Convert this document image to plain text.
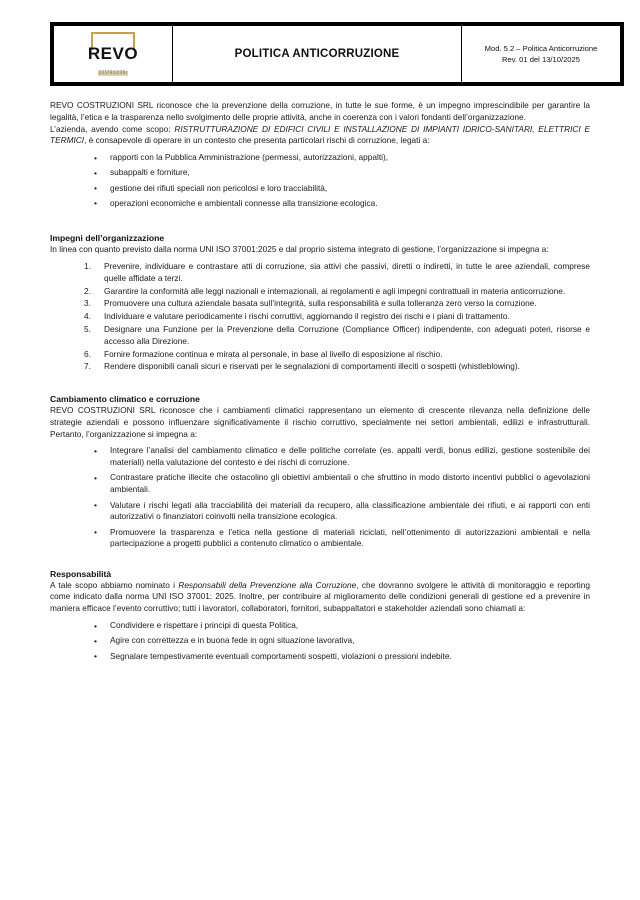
REVO
COSTRUZIONI	
POLITICA ANTICORRUZIONE	Mod. 5.2 – Politica Anticorruzione
Rev. 01 del 13/10/2025

REVO COSTRUZIONI SRL riconosce che la prevenzione della corruzione, in tutte le sue forme, è un impegno imprescindibile per garantire la legalità, l’etica e la trasparenza nello svolgimento delle proprie attività, anche in coerenza con i valori fondanti dell’organizzazione.

L’azienda, avendo come scopo: RISTRUTTURAZIONE DI EDIFICI CIVILI E INSTALLAZIONE DI IMPIANTI IDRICO-SANITARI, ELETTRICI E TERMICI, è consapevole di operare in un contesto che presenta particolari rischi di corruzione, legati a:

• rapporti con la Pubblica Amministrazione (permessi, autorizzazioni, appalti),
• subappalti e forniture,
• gestione dei rifiuti speciali non pericolosi e loro tracciabilità,
• operazioni economiche e ambientali connesse alla transizione ecologica.
Impegni dell’organizzazione

In linea con quanto previsto dalla norma UNI ISO 37001:2025 e dal proprio sistema integrato di gestione, l’organizzazione si impegna a:

Prevenire, individuare e contrastare atti di corruzione, sia attivi che passivi, diretti o indiretti, in tutte le aree aziendali, comprese quelle affidate a terzi.
Garantire la conformità alle leggi nazionali e internazionali, ai regolamenti e agli impegni contrattuali in materia anticorruzione.
Promuovere una cultura aziendale basata sull’integrità, sulla responsabilità e sulla tolleranza zero verso la corruzione.
Individuare e valutare periodicamente i rischi corruttivi, aggiornando il registro dei rischi e i piani di trattamento.
Designare una Funzione per la Prevenzione della Corruzione (Compliance Officer) indipendente, con adeguati poteri, risorse e accesso alla Direzione.
Fornire formazione continua e mirata al personale, in base al livello di esposizione al rischio.
Rendere disponibili canali sicuri e riservati per le segnalazioni di comportamenti illeciti o sospetti (whistleblowing).
Cambiamento climatico e corruzione

REVO COSTRUZIONI SRL riconosce che i cambiamenti climatici rappresentano un elemento di crescente rilevanza nella definizione delle strategie aziendali e possono influenzare significativamente il rischio corruttivo, specialmente nei settori ambientali, edilizi e infrastrutturali. Pertanto, l’organizzazione si impegna a:

• Integrare l’analisi del cambiamento climatico e delle politiche correlate (es. appalti verdi, bonus edilizi, gestione sostenibile dei materiali) nella valutazione del contesto e dei rischi di corruzione.
• Contrastare pratiche illecite che ostacolino gli obiettivi ambientali o che sfruttino in modo distorto incentivi pubblici o agevolazioni ambientali.
• Valutare i rischi legati alla tracciabilità dei materiali da recupero, alla classificazione ambientale dei rifiuti, e ai rapporti con enti autorizzativi o finanziatori coinvolti nella transizione ecologica.
• Promuovere la trasparenza e l’etica nella gestione di materiali riciclati, nell’ottenimento di autorizzazioni ambientali e nella partecipazione a progetti pubblici a contenuto climatico o ambientale.
Responsabilità

A tale scopo abbiamo nominato i Responsabili della Prevenzione alla Corruzione, che dovranno svolgere le attività di monitoraggio e reporting come indicato dalla norma UNI ISO 37001: 2025. Inoltre, per contribuire al miglioramento delle condizioni generali di gestione ed a prevenire in maniera efficace l’evento corruttivo; tutti i lavoratori, collaboratori, fornitori, subappaltatori e stakeholder aziendali sono chiamati a:

• Condividere e rispettare i principi di questa Politica,
• Agire con correttezza e in buona fede in ogni situazione lavorativa,
• Segnalare tempestivamente eventuali comportamenti sospetti, violazioni o pressioni indebite.
